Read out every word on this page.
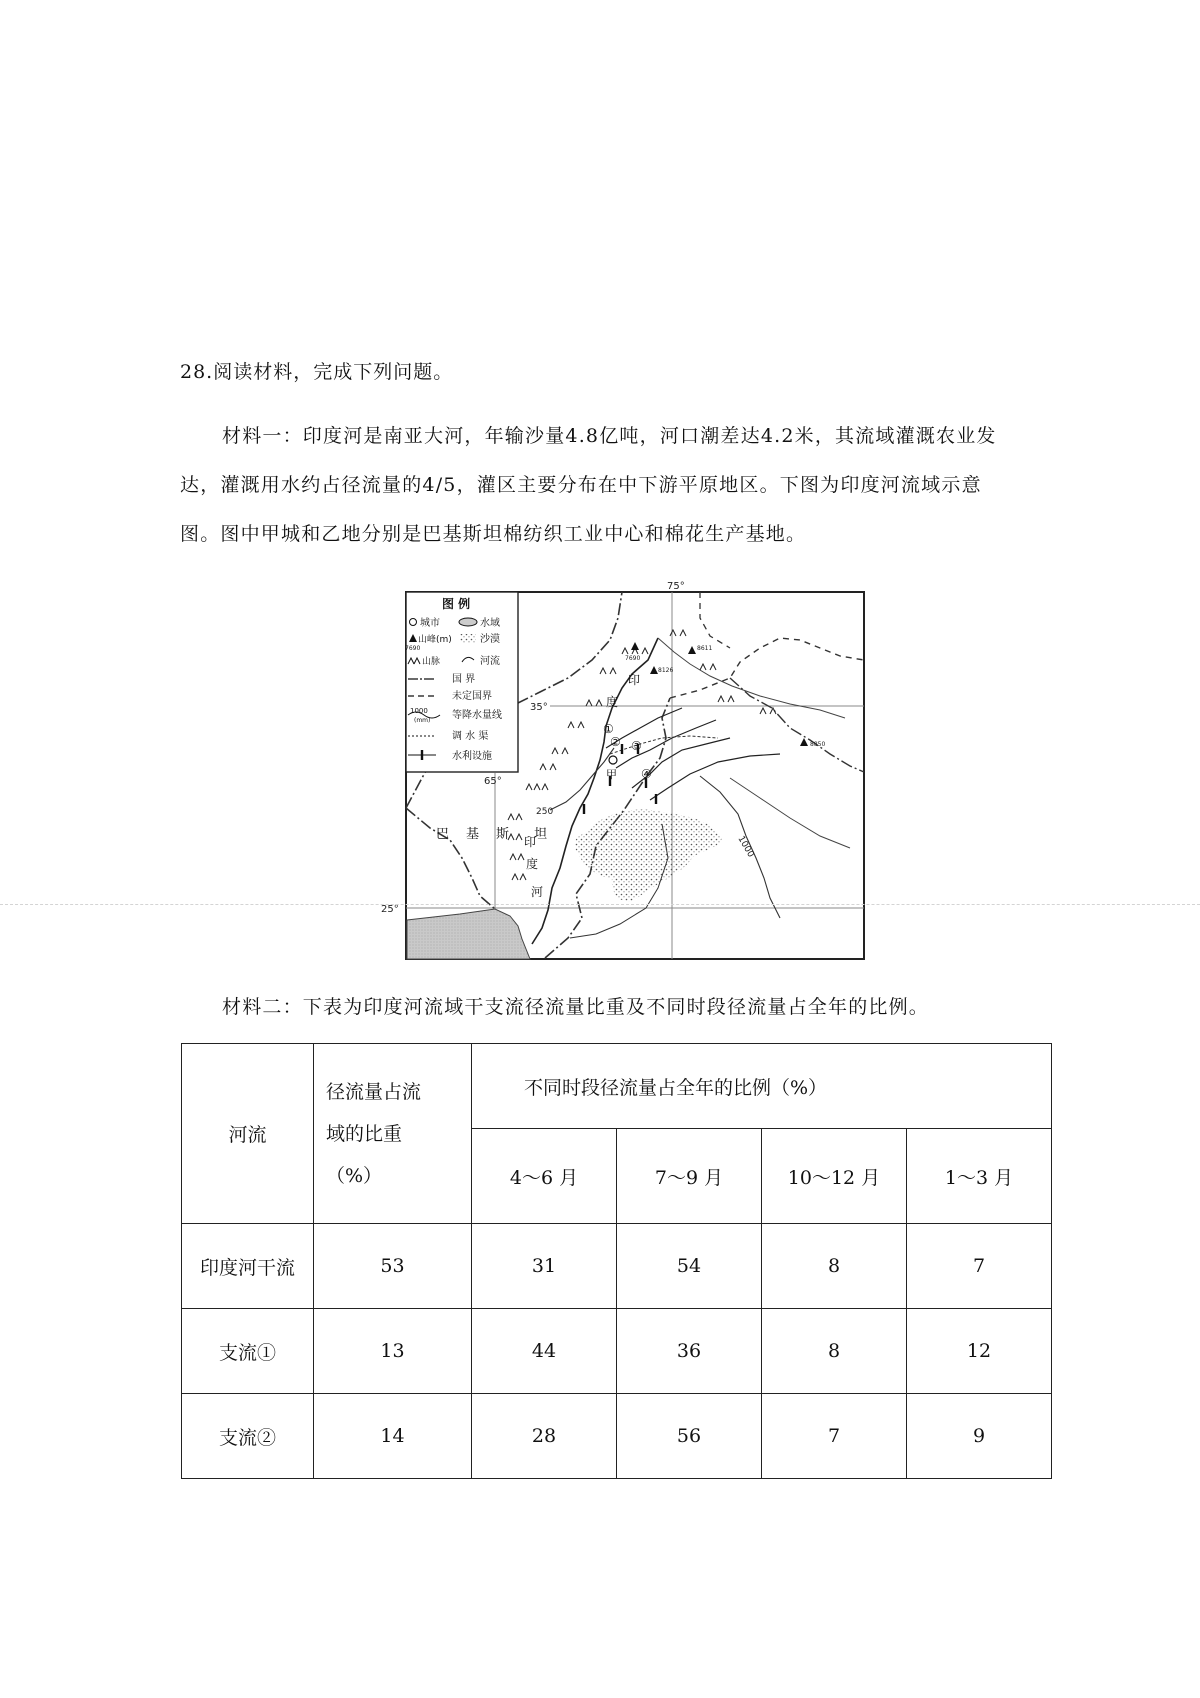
28.阅读材料，完成下列问题。

材料一：印度河是南亚大河，年输沙量4.8亿吨，河口潮差达4.2米，其流域灌溉农业发达，灌溉用水约占径流量的4/5，灌区主要分布在中下游平原地区。下图为印度河流域示意图。图中甲城和乙地分别是巴基斯坦棉纺织工业中心和棉花生产基地。

75°
35°
65°
25°
250
1000
7690
8611
8126
8850
甲
①
② ③
④
印
度
印
度
河
巴 基 斯 坦
图 例
城市	水域
山峰(m)
7690
沙漠
山脉	河流
国 界
未定国界
1000
(mm) 等降水量线
调 水 渠
水利设施

材料二：下表为印度河流域干支流径流量比重及不同时段径流量占全年的比例。

河流	径流量占流
域的比重
（%）	不同时段径流量占全年的比例（%）			
		4～6 月	7～9 月	10～12 月	1～3 月
印度河干流	53	31	54	8	7
支流①	13	44	36	8	12
支流②	14	28	56	7	9
